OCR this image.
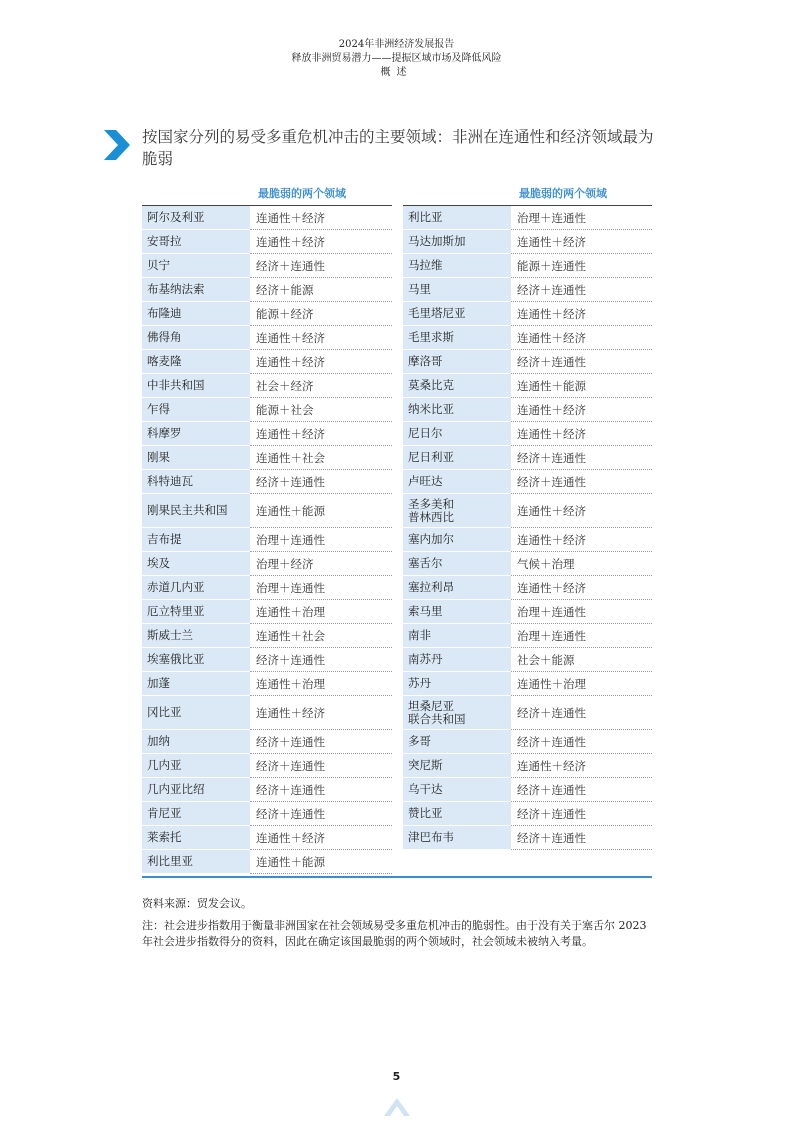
2024年非洲经济发展报告
释放非洲贸易潜力——提振区域市场及降低风险
概述
按国家分列的易受多重危机冲击的主要领域：非洲在连通性和经济领域最为脆弱
最脆弱的两个领域
阿尔及利亚	连通性＋经济
安哥拉	连通性＋经济
贝宁	经济＋连通性
布基纳法索	经济＋能源
布隆迪	能源＋经济
佛得角	连通性＋经济
喀麦隆	连通性＋经济
中非共和国	社会＋经济
乍得	能源＋社会
科摩罗	连通性＋经济
刚果	连通性＋社会
科特迪瓦	经济＋连通性
刚果民主共和国	连通性＋能源
吉布提	治理＋连通性
埃及	治理＋经济
赤道几内亚	治理＋连通性
厄立特里亚	连通性＋治理
斯威士兰	连通性＋社会
埃塞俄比亚	经济＋连通性
加蓬	连通性＋治理
冈比亚	连通性＋经济
加纳	经济＋连通性
几内亚	经济＋连通性
几内亚比绍	经济＋连通性
肯尼亚	经济＋连通性
莱索托	连通性＋经济
利比里亚	连通性＋能源
最脆弱的两个领域
利比亚	治理＋连通性
马达加斯加	连通性＋经济
马拉维	能源＋连通性
马里	经济＋连通性
毛里塔尼亚	连通性＋经济
毛里求斯	连通性＋经济
摩洛哥	经济＋连通性
莫桑比克	连通性＋能源
纳米比亚	连通性＋经济
尼日尔	连通性＋经济
尼日利亚	经济＋连通性
卢旺达	经济＋连通性
圣多美和
普林西比	连通性＋经济
塞内加尔	连通性＋经济
塞舌尔	气候＋治理
塞拉利昂	连通性＋经济
索马里	治理＋连通性
南非	治理＋连通性
南苏丹	社会＋能源
苏丹	连通性＋治理
坦桑尼亚
联合共和国	经济＋连通性
多哥	经济＋连通性
突尼斯	连通性＋经济
乌干达	经济＋连通性
赞比亚	经济＋连通性
津巴布韦	经济＋连通性

资料来源：贸发会议。

注：社会进步指数用于衡量非洲国家在社会领域易受多重危机冲击的脆弱性。由于没有关于塞舌尔 2023 年社会进步指数得分的资料，因此在确定该国最脆弱的两个领域时，社会领域未被纳入考量。

5
